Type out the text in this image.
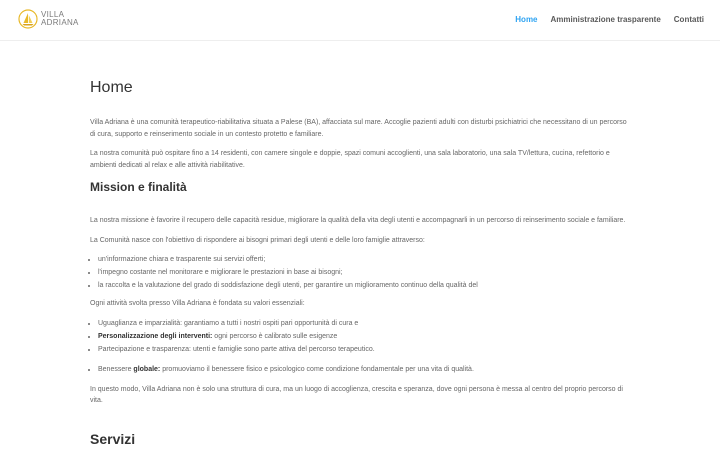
VILLA
ADRIANA	Home Amministrazione trasparente Contatti
Home

Villa Adriana è una comunità terapeutico-riabilitativa situata a Palese (BA), affacciata sul mare. Accoglie pazienti adulti con disturbi psichiatrici che necessitano di un percorso di cura, supporto e reinserimento sociale in un contesto protetto e familiare.

La nostra comunità può ospitare fino a 14 residenti, con camere singole e doppie, spazi comuni accoglienti, una sala laboratorio, una sala TV/lettura, cucina, refettorio e ambienti dedicati al relax e alle attività riabilitative.

Mission e finalità

La nostra missione è favorire il recupero delle capacità residue, migliorare la qualità della vita degli utenti e accompagnarli in un percorso di reinserimento sociale e familiare.

La Comunità nasce con l'obiettivo di rispondere ai bisogni primari degli utenti e delle loro famiglie attraverso:

• un'informazione chiara e trasparente sui servizi offerti;
• l'impegno costante nel monitorare e migliorare le prestazioni in base ai bisogni;
• la raccolta e la valutazione del grado di soddisfazione degli utenti, per garantire un miglioramento continuo della qualità del

Ogni attività svolta presso Villa Adriana è fondata su valori essenziali:

• Uguaglianza e imparzialità: garantiamo a tutti i nostri ospiti pari opportunità di cura e
• Personalizzazione degli interventi: ogni percorso è calibrato sulle esigenze
• Partecipazione e trasparenza: utenti e famiglie sono parte attiva del percorso terapeutico.
• Benessere globale: promuoviamo il benessere fisico e psicologico come condizione fondamentale per una vita di qualità.

In questo modo, Villa Adriana non è solo una struttura di cura, ma un luogo di accoglienza, crescita e speranza, dove ogni persona è messa al centro del proprio percorso di vita.

Servizi
